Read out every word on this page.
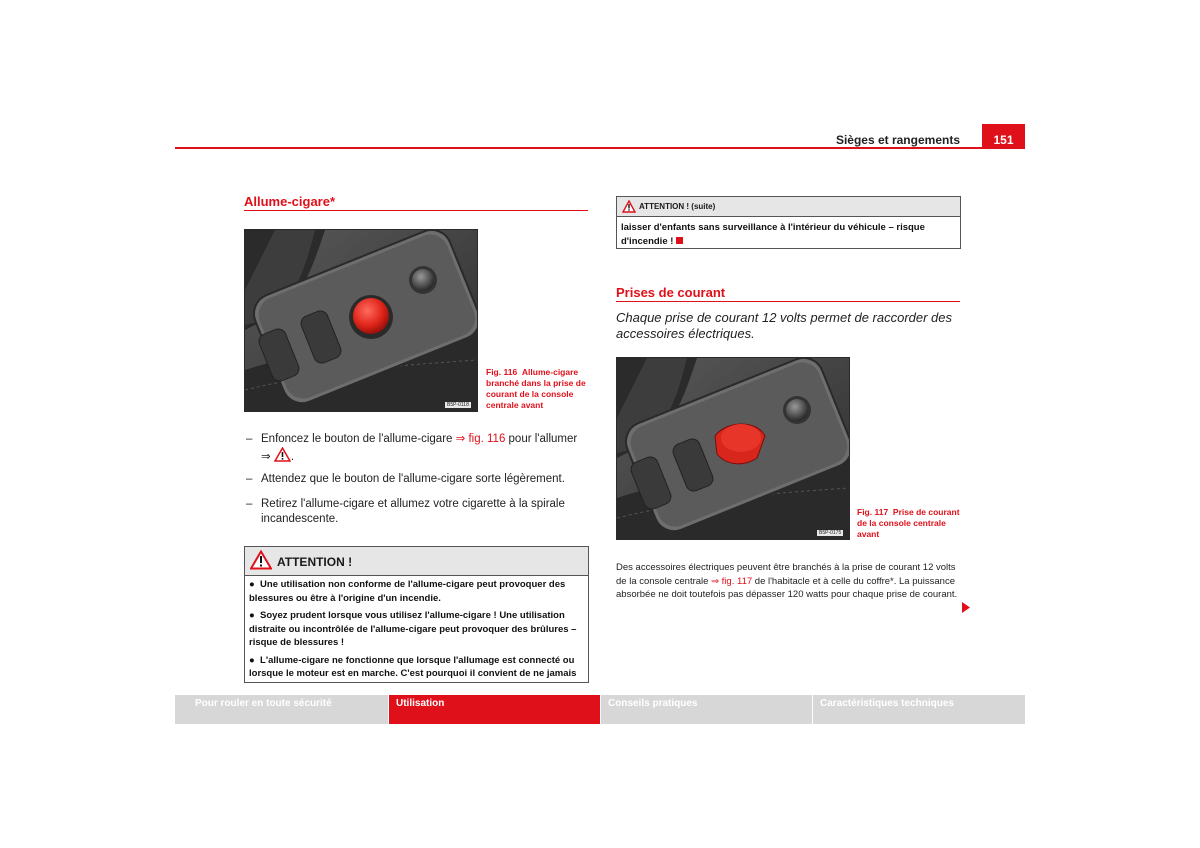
Sièges et rangements	151
Allume-cigare*
B5P-0118
Fig. 116 Allume-cigare branché dans la prise de courant de la console centrale avant
– Enfoncez le bouton de l'allume-cigare ⇒ fig. 116 pour l'allumer
⇒ .
– Attendez que le bouton de l'allume-cigare sorte légèrement.
– Retirez l'allume-cigare et allumez votre cigarette à la spirale incandescente.
ATTENTION !
● Une utilisation non conforme de l'allume-cigare peut provoquer des blessures ou être à l'origine d'un incendie.
● Soyez prudent lorsque vous utilisez l'allume-cigare ! Une utilisation distraite ou incontrôlée de l'allume-cigare peut provoquer des brûlures – risque de blessures !
● L'allume-cigare ne fonctionne que lorsque l'allumage est connecté ou lorsque le moteur est en marche. C'est pourquoi il convient de ne jamais
ATTENTION ! (suite)
laisser d'enfants sans surveillance à l'intérieur du véhicule – risque d'incendie !
Prises de courant
Chaque prise de courant 12 volts permet de raccorder des accessoires électriques.
B5P-0175
Fig. 117 Prise de courant de la console centrale avant
Des accessoires électriques peuvent être branchés à la prise de courant 12 volts de la console centrale ⇒ fig. 117 de l'habitacle et à celle du coffre*. La puissance absorbée ne doit toutefois pas dépasser 120 watts pour chaque prise de courant.
Pour rouler en toute sécurité	Utilisation	Conseils pratiques	Caractéristiques techniques
